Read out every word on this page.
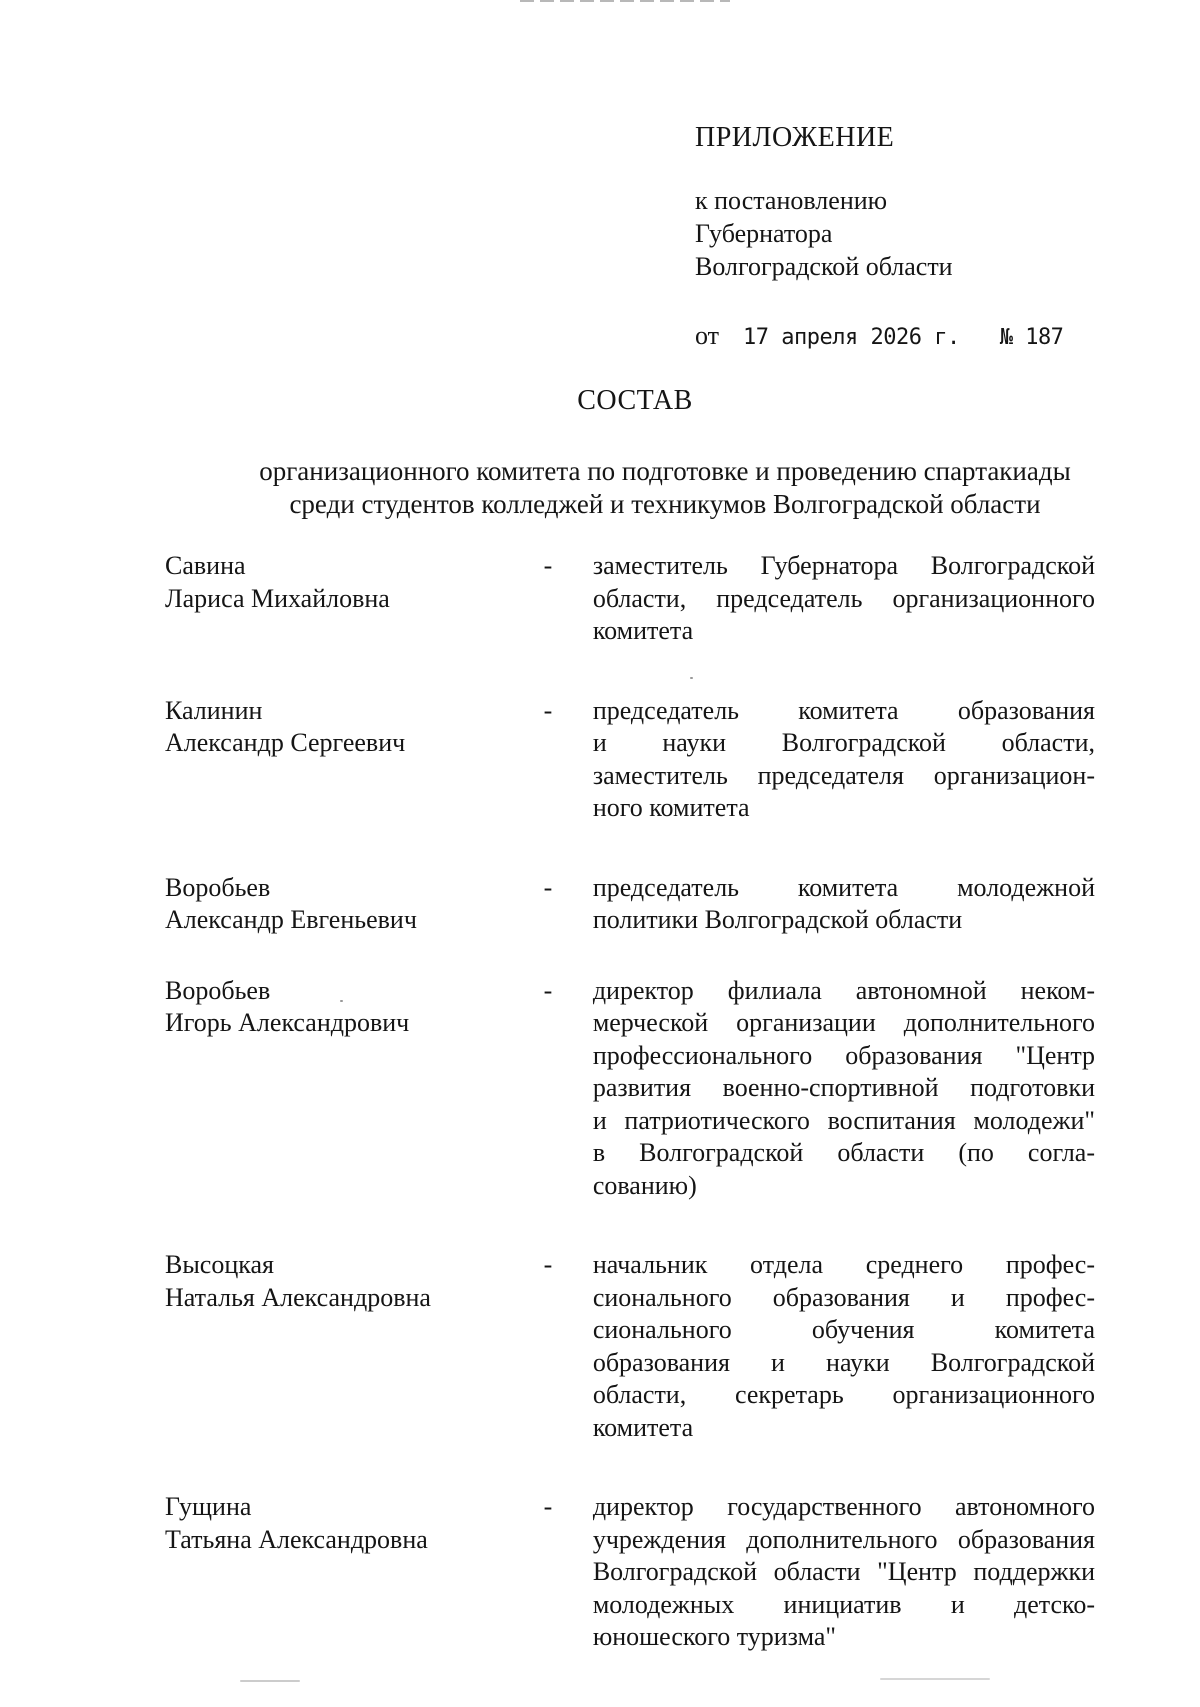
ПРИЛОЖЕНИЕ
к постановлению
Губернатора
Волгоградской области
от 17 апреля 2026 г. № 187
СОСТАВ
организационного комитета по подготовке и проведению спартакиады
среди студентов колледжей и техникумов Волгоградской области
Савина
Лариса Михайловна
-	заместитель Губернатора Волгоградской
области, председатель организационного
комитета
Калинин
Александр Сергеевич
-	председатель комитета образования
и науки Волгоградской области,
заместитель председателя организацион-
ного комитета
Воробьев
Александр Евгеньевич
-	председатель комитета молодежной
политики Волгоградской области
Воробьев
Игорь Александрович
-	директор филиала автономной неком-
мерческой организации дополнительного
профессионального образования "Центр
развития военно-спортивной подготовки
и патриотического воспитания молодежи"
в Волгоградской области (по согла-
сованию)
Высоцкая
Наталья Александровна
-	начальник отдела среднего профес-
сионального образования и профес-
сионального обучения комитета
образования и науки Волгоградской
области, секретарь организационного
комитета
Гущина
Татьяна Александровна
-	директор государственного автономного
учреждения дополнительного образования
Волгоградской области "Центр поддержки
молодежных инициатив и детско-
юношеского туризма"
